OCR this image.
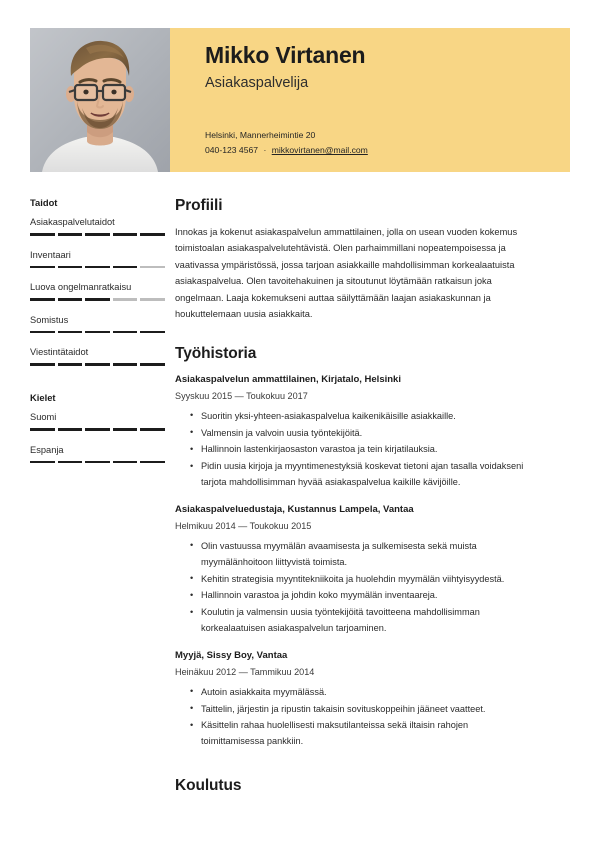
Mikko Virtanen
Asiakaspalvelija
Helsinki, Mannerheimintie 20
040-123 4567 · mikkovirtanen@mail.com
Taidot
Asiakaspalvelutaidot
Inventaari
Luova ongelmanratkaisu
Somistus
Viestintätaidot
Kielet
Suomi
Espanja
Profiili

Innokas ja kokenut asiakaspalvelun ammattilainen, jolla on usean vuoden kokemus toimistoalan asiakaspalvelutehtävistä. Olen parhaimmillani nopeatempoisessa ja vaativassa ympäristössä, jossa tarjoan asiakkaille mahdollisimman korkealaatuista asiakaspalvelua. Olen tavoitehakuinen ja sitoutunut löytämään ratkaisun joka ongelmaan. Laaja kokemukseni auttaa säilyttämään laajan asiakaskunnan ja houkuttelemaan uusia asiakkaita.

Työhistoria
Asiakaspalvelun ammattilainen, Kirjatalo, Helsinki
Syyskuu 2015 — Toukokuu 2017
• Suoritin yksi-yhteen-asiakaspalvelua kaikenikäisille asiakkaille.
• Valmensin ja valvoin uusia työntekijöitä.
• Hallinnoin lastenkirjaosaston varastoa ja tein kirjatilauksia.
• Pidin uusia kirjoja ja myyntimenestyksiä koskevat tietoni ajan tasalla voidakseni tarjota mahdollisimman hyvää asiakaspalvelua kaikille kävijöille.
Asiakaspalveluedustaja, Kustannus Lampela, Vantaa
Helmikuu 2014 — Toukokuu 2015
• Olin vastuussa myymälän avaamisesta ja sulkemisesta sekä muista myymälänhoitoon liittyvistä toimista.
• Kehitin strategisia myyntitekniikoita ja huolehdin myymälän viihtyisyydestä.
• Hallinnoin varastoa ja johdin koko myymälän inventaareja.
• Koulutin ja valmensin uusia työntekijöitä tavoitteena mahdollisimman korkealaatuisen asiakaspalvelun tarjoaminen.
Myyjä, Sissy Boy, Vantaa
Heinäkuu 2012 — Tammikuu 2014
• Autoin asiakkaita myymälässä.
• Taittelin, järjestin ja ripustin takaisin sovituskoppeihin jääneet vaatteet.
• Käsittelin rahaa huolellisesti maksutilanteissa sekä iltaisin rahojen toimittamisessa pankkiin.
Koulutus
